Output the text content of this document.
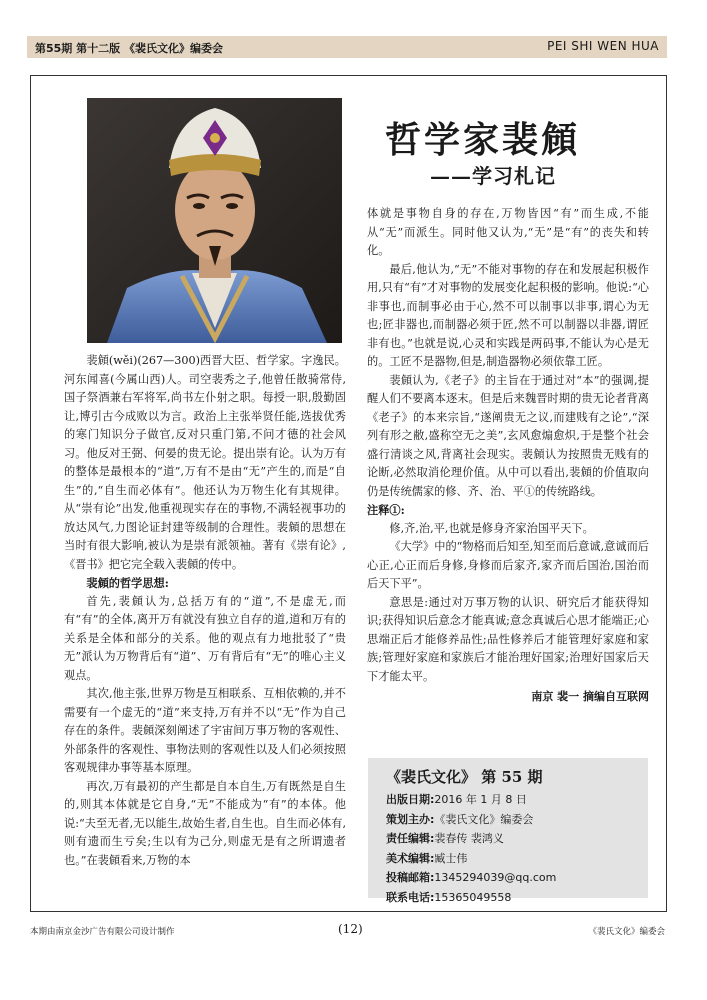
第55期 第十二版 《裴氏文化》编委会	PEI SHI WEN HUA
哲学家裴頠
——学习札记

裴頠(wěi)(267—300)西晋大臣、哲学家。字逸民。河东闻喜(今属山西)人。司空裴秀之子,他曾任散骑常侍,国子祭酒兼右军将军,尚书左仆射之职。每授一职,殷勤固让,博引古今成败以为言。政治上主张举贤任能,选拔优秀的寒门知识分子做官,反对只重门第,不问才德的社会风习。他反对王弼、何晏的贵无论。提出崇有论。认为万有的整体是最根本的“道”,万有不是由“无”产生的,而是“自生”的,“自生而必体有”。他还认为万物生化有其规律。从“崇有论”出发,他重视现实存在的事物,不满轻视事功的放达风气,力图论证封建等级制的合理性。裴頠的思想在当时有很大影响,被认为是崇有派领袖。著有《崇有论》,《晋书》把它完全载入裴頠的传中。

裴頠的哲学思想:

首先,裴頠认为,总括万有的“道”,不是虚无,而有“有”的全体,离开万有就没有独立自存的道,道和万有的关系是全体和部分的关系。他的观点有力地批驳了“贵无”派认为万物背后有“道”、万有背后有“无”的唯心主义观点。

其次,他主张,世界万物是互相联系、互相依赖的,并不需要有一个虚无的“道”来支持,万有并不以“无”作为自己存在的条件。裴頠深刻阐述了宇宙间万事万物的客观性、外部条件的客观性、事物法则的客观性以及人们必须按照客观规律办事等基本原理。

再次,万有最初的产生都是自本自生,万有既然是自生的,则其本体就是它自身,“无”不能成为“有”的本体。他说:“夫至无者,无以能生,故始生者,自生也。自生而必体有,则有遗而生亏矣;生以有为己分,则虚无是有之所谓遗者也。”在裴頠看来,万物的本

体就是事物自身的存在,万物皆因“有”而生成,不能从“无”而派生。同时他又认为,“无”是“有”的丧失和转化。

最后,他认为,“无”不能对事物的存在和发展起积极作用,只有“有”才对事物的发展变化起积极的影响。他说:“心非事也,而制事必由于心,然不可以制事以非事,谓心为无也;匠非器也,而制器必须于匠,然不可以制器以非器,谓匠非有也。”也就是说,心灵和实践是两码事,不能认为心是无的。工匠不是器物,但是,制造器物必须依靠工匠。

裴頠认为,《老子》的主旨在于通过对“本”的强调,提醒人们不要离本逐末。但是后来魏晋时期的贵无论者背离《老子》的本来宗旨,“遂阐贵无之议,而建贱有之论”,“深列有形之敝,盛称空无之美”,玄风愈煽愈炽,于是整个社会盛行清谈之风,背离社会现实。裴頠认为按照贵无贱有的论断,必然取消伦理价值。从中可以看出,裴頠的价值取向仍是传统儒家的修、齐、治、平①的传统路线。

注释①:

修,齐,治,平,也就是修身齐家治国平天下。

《大学》中的“物格而后知至,知至而后意诚,意诚而后心正,心正而后身修,身修而后家齐,家齐而后国治,国治而后天下平”。

意思是:通过对万事万物的认识、研究后才能获得知识;获得知识后意念才能真诚;意念真诚后心思才能端正;心思端正后才能修养品性;品性修养后才能管理好家庭和家族;管理好家庭和家族后才能治理好国家;治理好国家后天下才能太平。

南京 裴一 摘编自互联网
《裴氏文化》 第 55 期
出版日期:2016 年 1 月 8 日
策划主办:《裴氏文化》编委会
责任编辑:裴春传 裴鸿义
美术编辑:臧士伟
投稿邮箱:1345294039@qq.com
联系电话:15365049558
本期由南京金沙广告有限公司设计制作	(12)	《裴氏文化》编委会
